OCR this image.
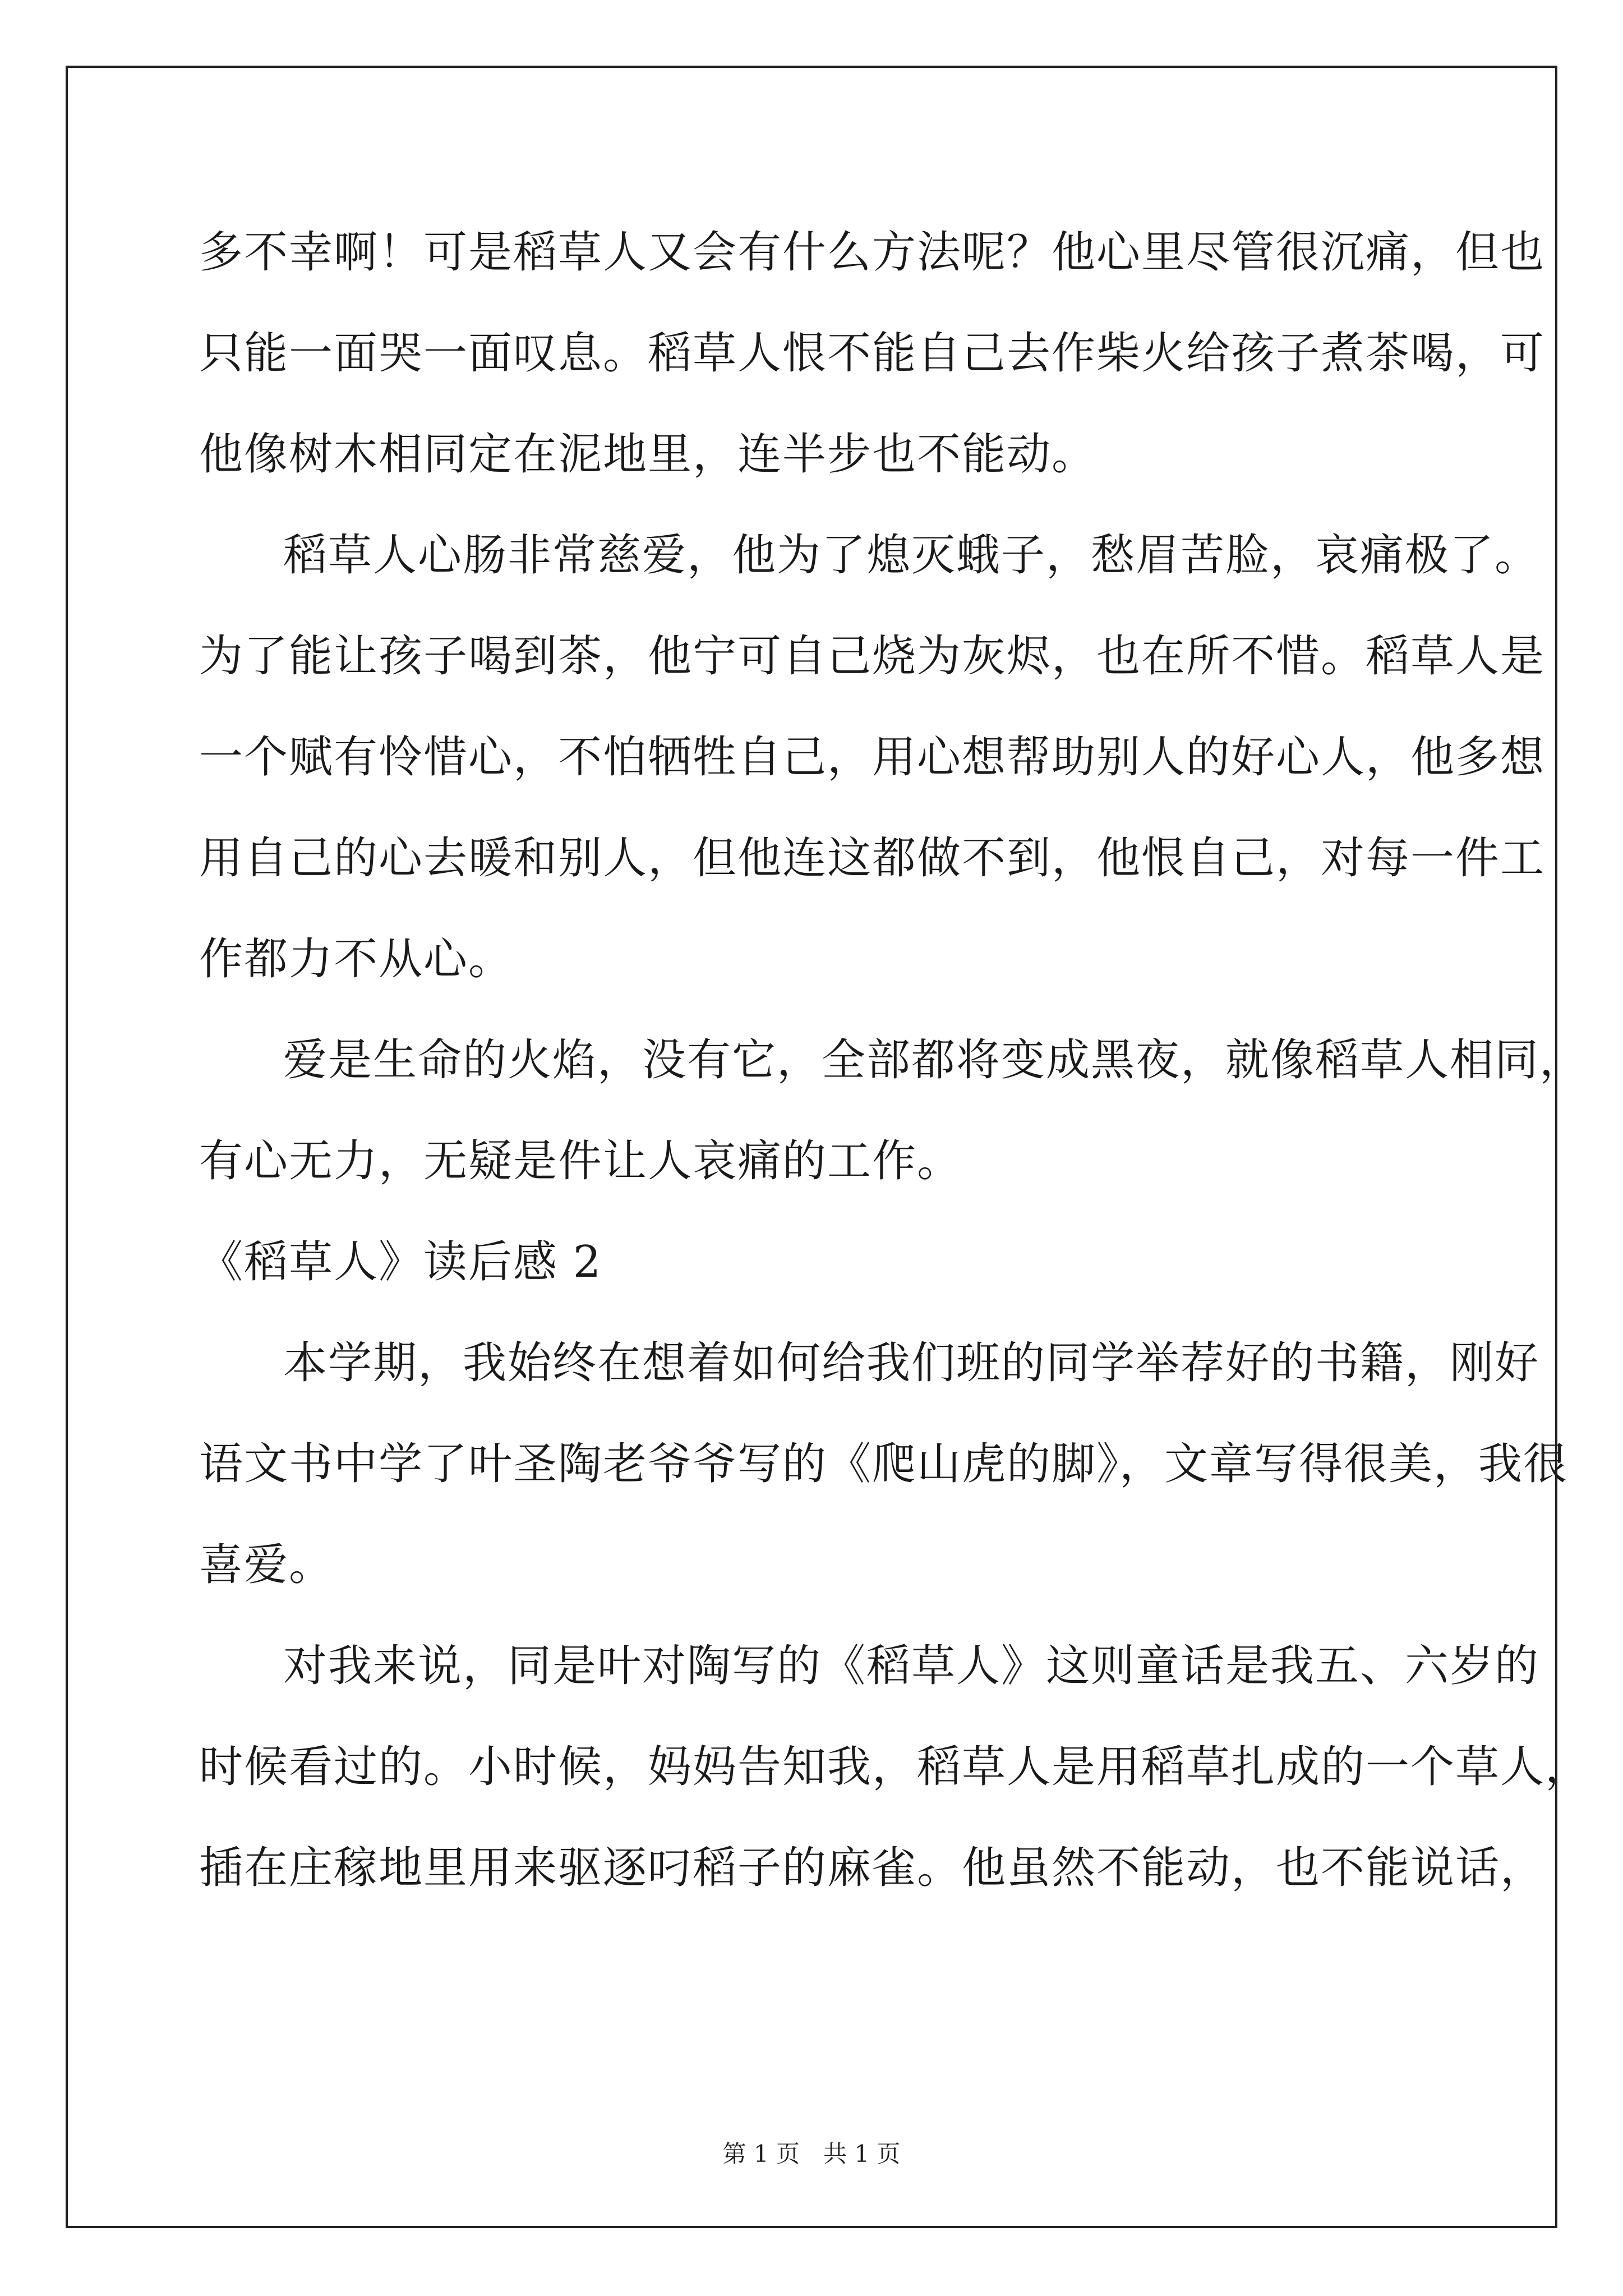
多不幸啊！可是稻草人又会有什么方法呢？他心里尽管很沉痛，但也
只能一面哭一面叹息。稻草人恨不能自己去作柴火给孩子煮茶喝，可
他像树木相同定在泥地里，连半步也不能动。
稻草人心肠非常慈爱，他为了熄灭蛾子，愁眉苦脸，哀痛极了。
为了能让孩子喝到茶，他宁可自己烧为灰烬，也在所不惜。稻草人是
一个赋有怜惜心，不怕牺牲自己，用心想帮助别人的好心人，他多想
用自己的心去暖和别人，但他连这都做不到，他恨自己，对每一件工
作都力不从心。
爱是生命的火焰，没有它，全部都将变成黑夜，就像稻草人相同，
有心无力，无疑是件让人哀痛的工作。
《稻草人》读后感 2
本学期，我始终在想着如何给我们班的同学举荐好的书籍，刚好
语文书中学了叶圣陶老爷爷写的《爬山虎的脚》，文章写得很美，我很
喜爱。
对我来说，同是叶对陶写的《稻草人》这则童话是我五、六岁的
时候看过的。小时候，妈妈告知我，稻草人是用稻草扎成的一个草人，
插在庄稼地里用来驱逐叼稻子的麻雀。他虽然不能动，也不能说话，
第 1 页 共 1 页
